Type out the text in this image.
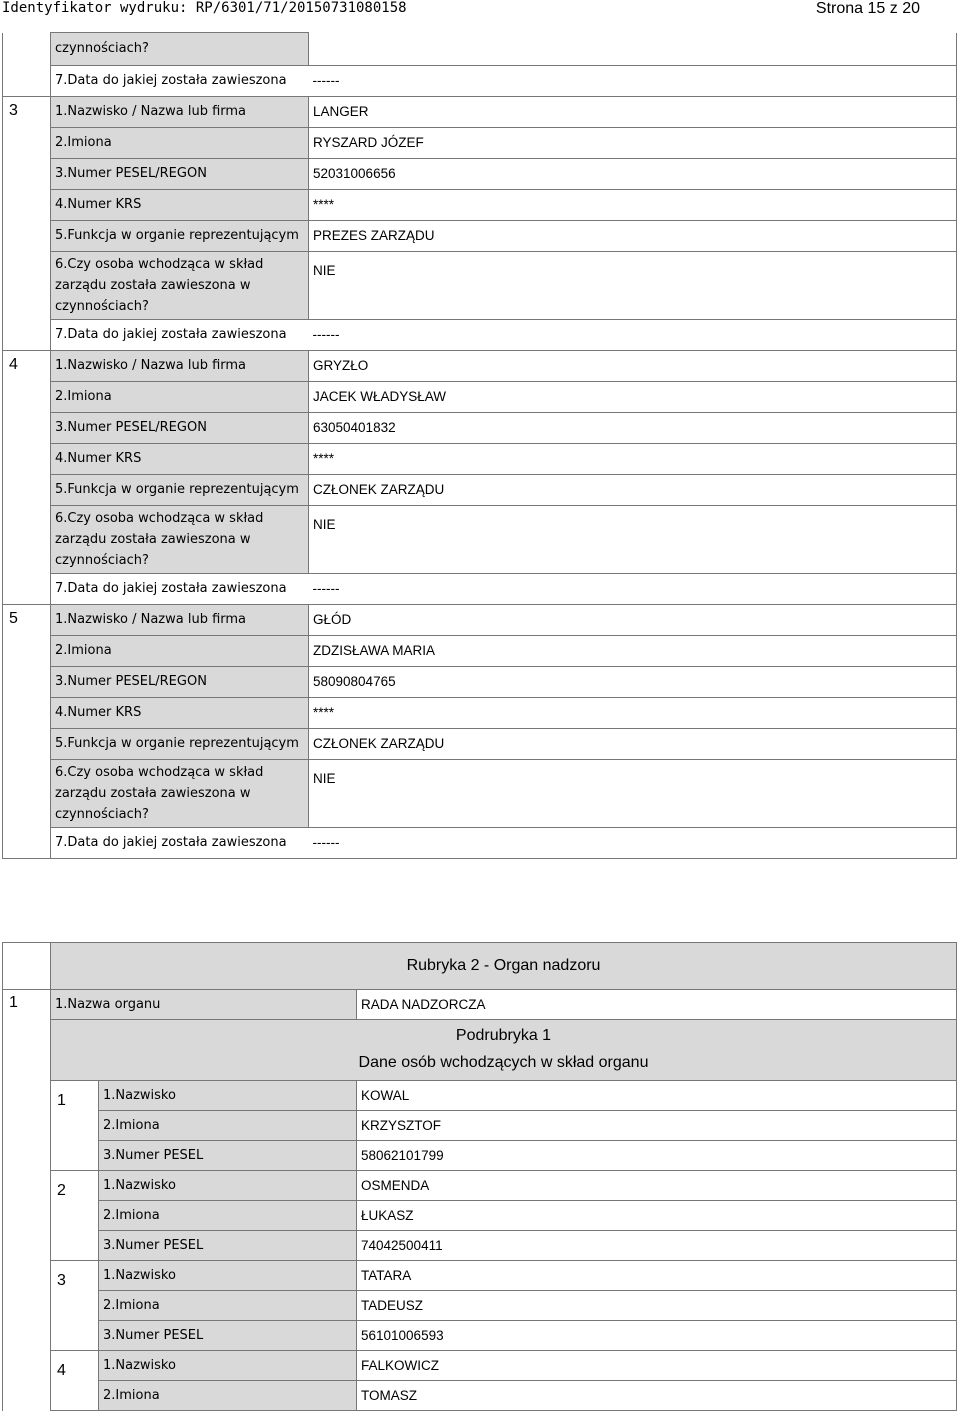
Identyfikator wydruku: RP/6301/71/20150731080158	Strona 15 z 20
	czynnościach?	
	7.Data do jakiej została zawieszona	------
3	1.Nazwisko / Nazwa lub firma	LANGER
	2.Imiona	RYSZARD JÓZEF
	3.Numer PESEL/REGON	52031006656
	4.Numer KRS	****
	5.Funkcja w organie reprezentującym	PREZES ZARZĄDU
	6.Czy osoba wchodząca w skład zarządu została zawieszona w czynnościach?	NIE
	7.Data do jakiej została zawieszona	------
4	1.Nazwisko / Nazwa lub firma	GRYZŁO
	2.Imiona	JACEK WŁADYSŁAW
	3.Numer PESEL/REGON	63050401832
	4.Numer KRS	****
	5.Funkcja w organie reprezentującym	CZŁONEK ZARZĄDU
	6.Czy osoba wchodząca w skład zarządu została zawieszona w czynnościach?	NIE
	7.Data do jakiej została zawieszona	------
5	1.Nazwisko / Nazwa lub firma	GŁÓD
	2.Imiona	ZDZISŁAWA MARIA
	3.Numer PESEL/REGON	58090804765
	4.Numer KRS	****
	5.Funkcja w organie reprezentującym	CZŁONEK ZARZĄDU
	6.Czy osoba wchodząca w skład zarządu została zawieszona w czynnościach?	NIE
	7.Data do jakiej została zawieszona	------
	Rubryka 2 - Organ nadzoru		
1	1.Nazwa organu		RADA NADZORCZA

	Podrubryka 1
Dane osób wchodzących w skład organu		

	1	1.Nazwisko	KOWAL
		2.Imiona	KRZYSZTOF
		3.Numer PESEL	58062101799
	2	1.Nazwisko	OSMENDA
		2.Imiona	ŁUKASZ
		3.Numer PESEL	74042500411
	3	1.Nazwisko	TATARA
		2.Imiona	TADEUSZ
		3.Numer PESEL	56101006593
	4	1.Nazwisko	FALKOWICZ
		2.Imiona	TOMASZ
